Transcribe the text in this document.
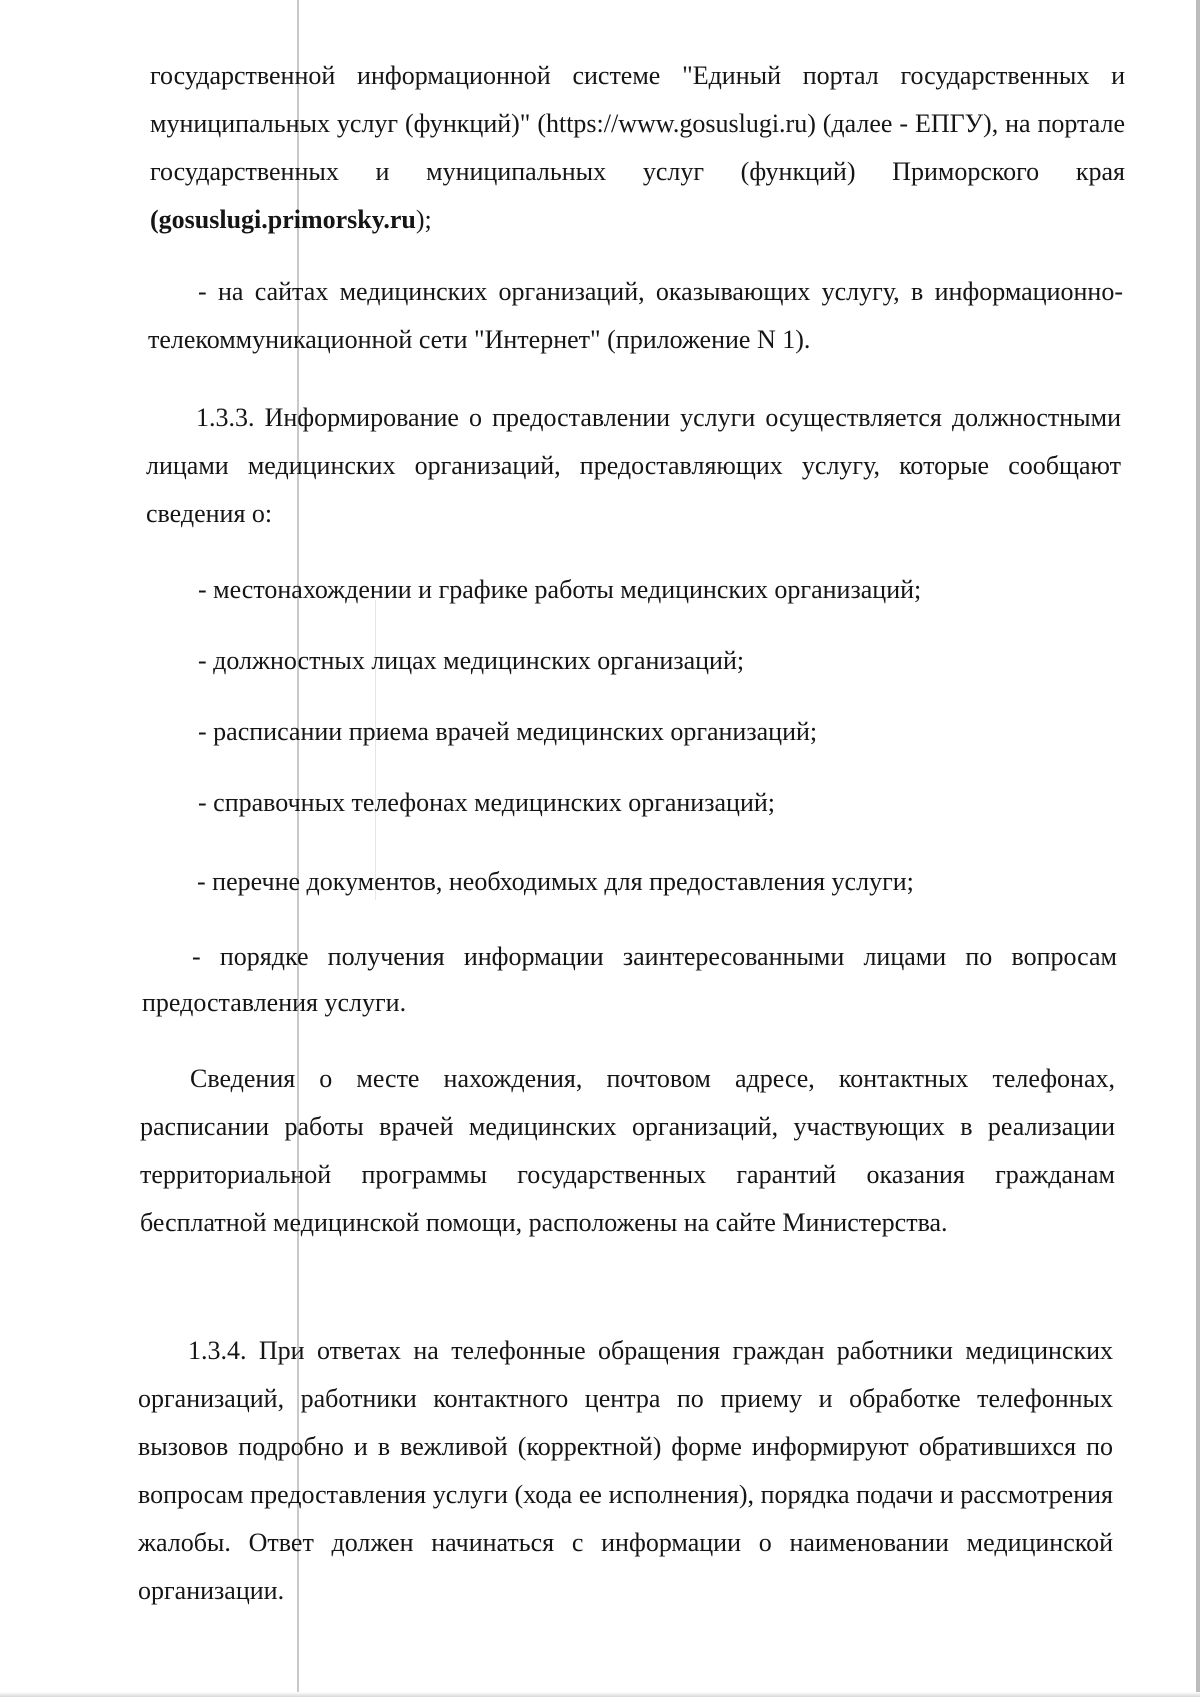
государственной информационной системе "Единый портал государственных и муниципальных услуг (функций)" (https://www.gosuslugi.ru) (далее - ЕПГУ), на портале государственных и муниципальных услуг (функций) Приморского края (gosuslugi.primorsky.ru);

- на сайтах медицинских организаций, оказывающих услугу, в информационно-телекоммуникационной сети "Интернет" (приложение N 1).

1.3.3. Информирование о предоставлении услуги осуществляется должностными лицами медицинских организаций, предоставляющих услугу, которые сообщают сведения о:

- местонахождении и графике работы медицинских организаций;
- должностных лицах медицинских организаций;
- расписании приема врачей медицинских организаций;
- справочных телефонах медицинских организаций;
- перечне документов, необходимых для предоставления услуги;

- порядке получения информации заинтересованными лицами по вопросам предоставления услуги.

Сведения о месте нахождения, почтовом адресе, контактных телефонах, расписании работы врачей медицинских организаций, участвующих в реализации территориальной программы государственных гарантий оказания гражданам бесплатной медицинской помощи, расположены на сайте Министерства.

1.3.4. При ответах на телефонные обращения граждан работники медицинских организаций, работники контактного центра по приему и обработке телефонных вызовов подробно и в вежливой (корректной) форме информируют обратившихся по вопросам предоставления услуги (хода ее исполнения), порядка подачи и рассмотрения жалобы. Ответ должен начинаться с информации о наименовании медицинской организации.
